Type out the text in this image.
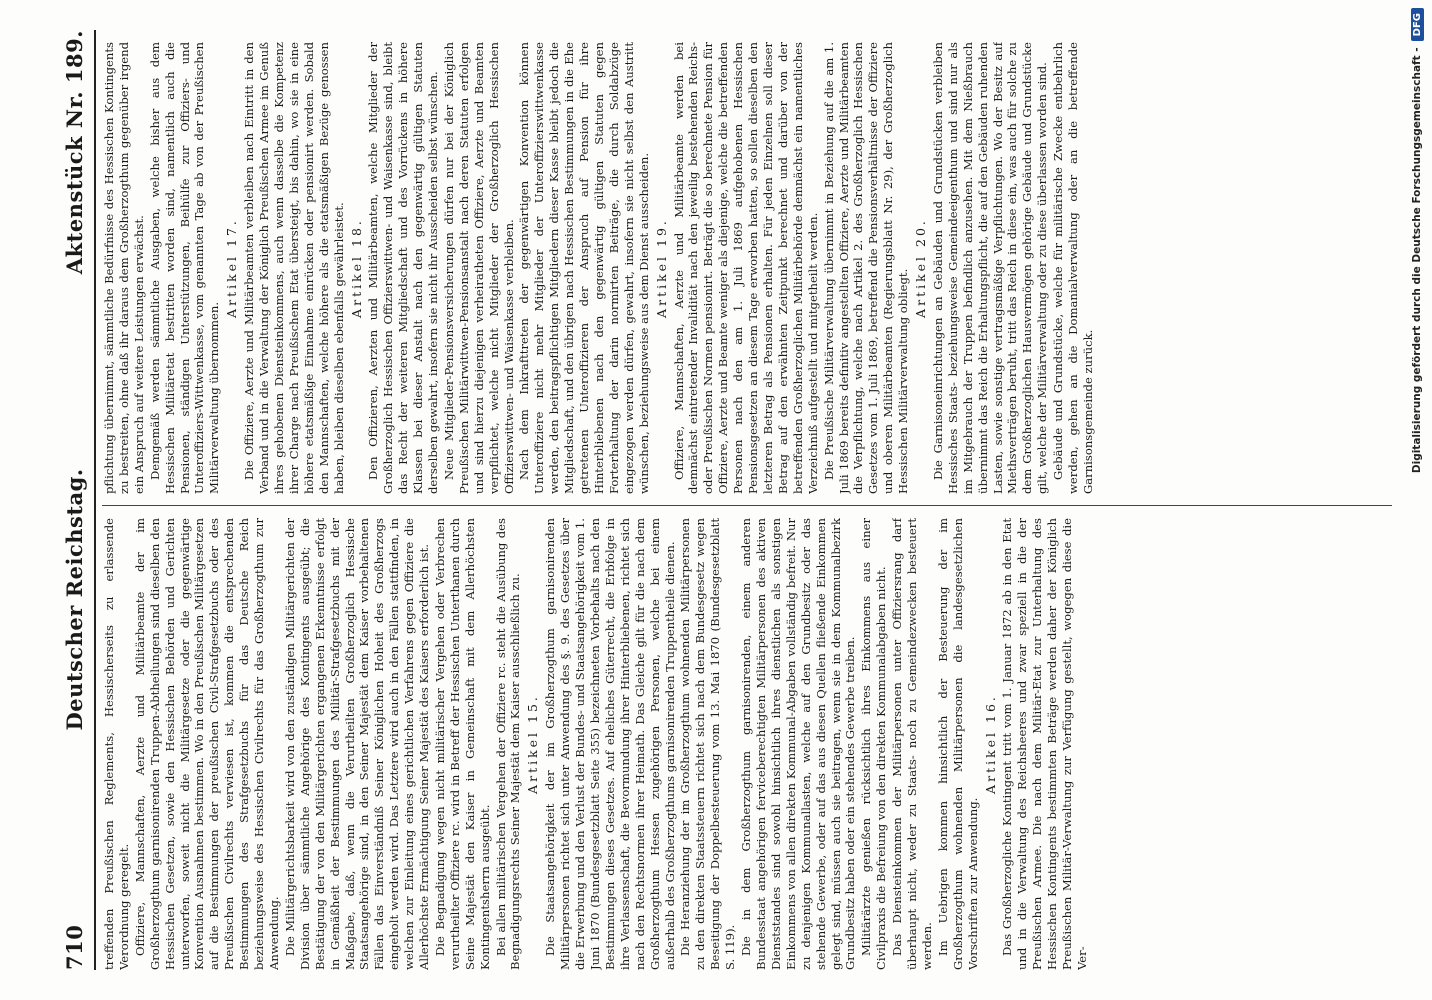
710
Deutscher Reichstag.
Aktenstück Nr. 189.

treffenden Preußischen Reglements, Hessischerseits zu erlassende Verordnung geregelt. Offiziere, Mannschaften, Aerzte und Militärbeamte der im Großherzogthum garnisonirenden Truppen-Abtheilungen sind dieselben den Hessischen Gesetzen, sowie den Hessischen Behörden und Gerichten unterworfen, soweit nicht die Militärgesetze oder die gegenwärtige Konvention Ausnahmen bestimmen. Wo in den Preußischen Militärgesetzen auf die Bestimmungen der preußischen Civil-Strafgesetzbuchs oder des Preußischen Civilrechts verwiesen ist, kommen die entsprechenden Bestimmungen des Strafgesetzbuchs für das Deutsche Reich beziehungsweise des Hessischen Civilrechts für das Großherzogthum zur Anwendung. Die Militärgerichtsbarkeit wird von den zuständigen Militärgerichten der Division über sämmtliche Angehörige des Kontingents ausgeübt; die Bestätigung der von den Militärgerichten ergangenen Erkenntnisse erfolgt in Gemäßheit der Bestimmungen des Militär-Strafgesetzbuchs mit der Maßgabe, daß, wenn die Verurtheilten Großherzoglich Hessische Staatsangehörige sind, in den Seiner Majestät dem Kaiser vorbehaltenen Fällen das Einverständniß Seiner Königlichen Hoheit des Großherzogs eingeholt werden wird. Das Letztere wird auch in den Fällen stattfinden, in welchen zur Einleitung eines gerichtlichen Verfahrens gegen Offiziere die Allerhöchste Ermächtigung Seiner Majestät des Kaisers erforderlich ist. Die Begnadigung wegen nicht militärischer Vergehen oder Verbrechen verurtheilter Offiziere rc. wird in Betreff der Hessischen Unterthanen durch Seine Majestät den Kaiser in Gemeinschaft mit dem Allerhöchsten Kontingentsherrn ausgeübt. Bei allen militärischen Vergehen der Offiziere rc. steht die Ausübung des Begnadigungsrechts Seiner Majestät dem Kaiser ausschließlich zu. Artikel 15. Die Staatsangehörigkeit der im Großherzogthum garnisonirenden Militärpersonen richtet sich unter Anwendung des §. 9. des Gesetzes über die Erwerbung und den Verlust der Bundes- und Staatsangehörigkeit vom 1. Juni 1870 (Bundesgesetzblatt Seite 355) bezeichneten Vorbehalts nach den Bestimmungen dieses Gesetzes. Auf eheliches Güterrecht, die Erbfolge in ihre Verlassenschaft, die Bevormundung ihrer Hinterbliebenen, richtet sich nach den Rechtsnormen ihrer Heimath. Das Gleiche gilt für die nach dem Großherzogthum Hessen zugehörigen Personen, welche bei einem außerhalb des Großherzogthums garnisonirenden Truppentheile dienen. Die Heranziehung der im Großherzogthum wohnenden Militärpersonen zu den direkten Staatssteuern richtet sich nach dem Bundesgesetz wegen Beseitigung der Doppelbesteuerung vom 13. Mai 1870 (Bundesgesetzblatt S. 119). Die in dem Großherzogthum garnisonirenden, einem anderen Bundesstaat angehörigen ferviceberechtigten Militärpersonen des aktiven Dienststandes sind sowohl hinsichtlich ihres dienstlichen als sonstigen Einkommens von allen direkten Kommunal-Abgaben vollständig befreit. Nur zu denjenigen Kommunallasten, welche auf den Grundbesitz oder das stehende Gewerbe, oder auf das aus diesen Quellen fließende Einkommen gelegt sind, müssen auch sie beitragen, wenn sie in dem Kommunalbezirk Grundbesitz haben oder ein stehendes Gewerbe treiben. Militärärzte genießen rücksichtlich ihres Einkommens aus einer Civilpraxis die Befreiung von den direkten Kommunalabgaben nicht. Das Diensteinkommen der Militärpersonen unter Offiziersrang darf überhaupt nicht, weder zu Staats- noch zu Gemeindezwecken besteuert werden. Im Uebrigen kommen hinsichtlich der Besteuerung der im Großherzogthum wohnenden Militärpersonen die landesgesetzlichen Vorschriften zur Anwendung.

Artikel 16. Das Großherzogliche Kontingent tritt vom 1. Januar 1872 ab in den Etat und in die Verwaltung des Reichsheeres und zwar speziell in die der Preußischen Armee. Die nach dem Militär-Etat zur Unterhaltung des Hessischen Kontingents bestimmten Beträge werden daher der Königlich Preußischen Militär-Verwaltung zur Verfügung gestellt, wogegen diese die Ver-

pflichtung übernimmt, sämmtliche Bedürfnisse des Hessischen Kontingents zu bestreiten, ohne daß ihr daraus dem Großherzogthum gegenüber irgend ein Anspruch auf weitere Leistungen erwächst. Demgemäß werden sämmtliche Ausgaben, welche bisher aus dem Hessischen Militäretat bestritten worden sind, namentlich auch die Pensionen, ständigen Unterstützungen, Beihülfe zur Offiziers- und Unteroffiziers-Wittwenkasse, vom genannten Tage ab von der Preußischen Militärverwaltung übernommen.

Artikel 17. Die Offiziere, Aerzte und Militärbeamten verbleiben nach Eintritt in den Verband und in die Verwaltung der Königlich Preußischen Armee im Genuß ihres gehobenen Diensteinkommens, auch wenn dasselbe die Kompetenz ihrer Charge nach Preußischem Etat übersteigt, bis dahin, wo sie in eine höhere etatsmäßige Einnahme einrücken oder pensionirt werden. Sobald den Mannschaften, welche höhere als die etatsmäßigen Bezüge genossen haben, bleiben dieselben ebenfalls gewährleistet. Artikel 18. Den Offizieren, Aerzten und Militärbeamten, welche Mitglieder der Großherzoglich Hessischen Offizierswittwen- und Waisenkasse sind, bleibt das Recht der weiteren Mitgliedschaft und des Vorrückens in höhere Klassen bei dieser Anstalt nach den gegenwärtig gültigen Statuten derselben gewahrt, insofern sie nicht ihr Ausscheiden selbst wünschen. Neue Mitglieder-Pensionsversicherungen dürfen nur bei der Königlich Preußischen Militärwittwen-Pensionsanstalt nach deren Statuten erfolgen und sind hierzu diejenigen verheiratheten Offiziere, Aerzte und Beamten verpflichtet, welche nicht Mitglieder der Großherzoglich Hessischen Offizierswittwen- und Waisenkasse verbleiben. Nach dem Inkrafttreten der gegenwärtigen Konvention können Unteroffiziere nicht mehr Mitglieder der Unteroffizierswittwenkasse werden, den beitragspflichtigen Mitgliedern dieser Kasse bleibt jedoch die Mitgliedschaft, und den übrigen nach Hessischen Bestimmungen in die Ehe getretenen Unteroffizieren der Anspruch auf Pension für ihre Hinterbliebenen nach den gegenwärtig gültigen Statuten gegen Forterhaltung der darin normirten Beiträge, die durch Soldabzüge eingezogen werden dürfen, gewahrt, insofern sie nicht selbst den Austritt wünschen, beziehungsweise aus dem Dienst ausscheiden. Artikel 19. Offiziere, Mannschaften, Aerzte und Militärbeamte werden bei demnächst eintretender Invalidität nach den jeweilig bestehenden Reichs- oder Preußischen Normen pensionirt. Beträgt die so berechnete Pension für Offiziere, Aerzte und Beamte weniger als diejenige, welche die betreffenden Personen nach den am 1. Juli 1869 aufgehobenen Hessischen Pensionsgesetzen an diesem Tage erworben hatten, so sollen dieselben den letzteren Betrag als Pensionen erhalten. Für jeden Einzelnen soll dieser Betrag auf den erwähnten Zeitpunkt berechnet und darüber von der betreffenden Großherzoglichen Militärbehörde demnächst ein namentliches Verzeichniß aufgestellt und mitgetheilt werden. Die Preußische Militärverwaltung übernimmt in Beziehung auf die am 1. Juli 1869 bereits definitiv angestellten Offiziere, Aerzte und Militärbeamten die Verpflichtung, welche nach Artikel 2. des Großherzoglich Hessischen Gesetzes vom 1. Juli 1869, betreffend die Pensionsverhältnisse der Offiziere und oberen Militärbeamten (Regierungsblatt Nr. 29), der Großherzoglich Hessischen Militärverwaltung obliegt.

Artikel 20. Die Garnisoneinrichtungen an Gebäuden und Grundstücken verbleiben Hessisches Staats- beziehungsweise Gemeindeeigenthum und sind nur als im Mitgebrauch der Truppen befindlich anzusehen. Mit dem Nießbrauch übernimmt das Reich die Erhaltungspflicht, die auf den Gebäuden ruhenden Lasten, sowie sonstige vertragsmäßige Verpflichtungen. Wo der Besitz auf Miethsverträgen beruht, tritt das Reich in diese ein, was auch für solche zu dem Großherzoglichen Hausvermögen gehörige Gebäude und Grundstücke gilt, welche der Militärverwaltung oder zu diese überlassen worden sind. Gebäude und Grundstücke, welche für militärische Zwecke entbehrlich werden, gehen an die Domanialverwaltung oder an die betreffende Garnisonsgemeinde zurück.	Digitalisierung gefördert durch die Deutsche Forschungsgemeinschaft -
DFG
